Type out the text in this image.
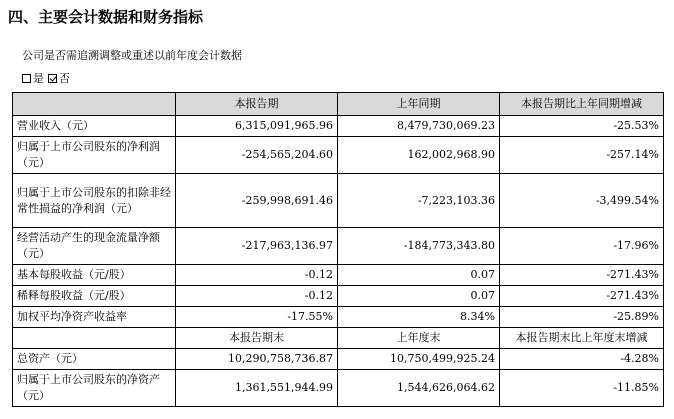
四、主要会计数据和财务指标
公司是否需追溯调整或重述以前年度会计数据
是 否
	本报告期	上年同期	本报告期比上年同期增减
营业收入（元）	6,315,091,965.96	8,479,730,069.23	-25.53%
归属于上市公司股东的净利润（元）	-254,565,204.60	162,002,968.90	-257.14%
归属于上市公司股东的扣除非经常性损益的净利润（元）	-259,998,691.46	-7,223,103.36	-3,499.54%
经营活动产生的现金流量净额（元）	-217,963,136.97	-184,773,343.80	-17.96%
基本每股收益（元/股）	-0.12	0.07	-271.43%
稀释每股收益（元/股）	-0.12	0.07	-271.43%
加权平均净资产收益率	-17.55%	8.34%	-25.89%
	本报告期末	上年度末	本报告期末比上年度末增减
总资产（元）	10,290,758,736.87	10,750,499,925.24	-4.28%
归属于上市公司股东的净资产（元）	1,361,551,944.99	1,544,626,064.62	-11.85%
